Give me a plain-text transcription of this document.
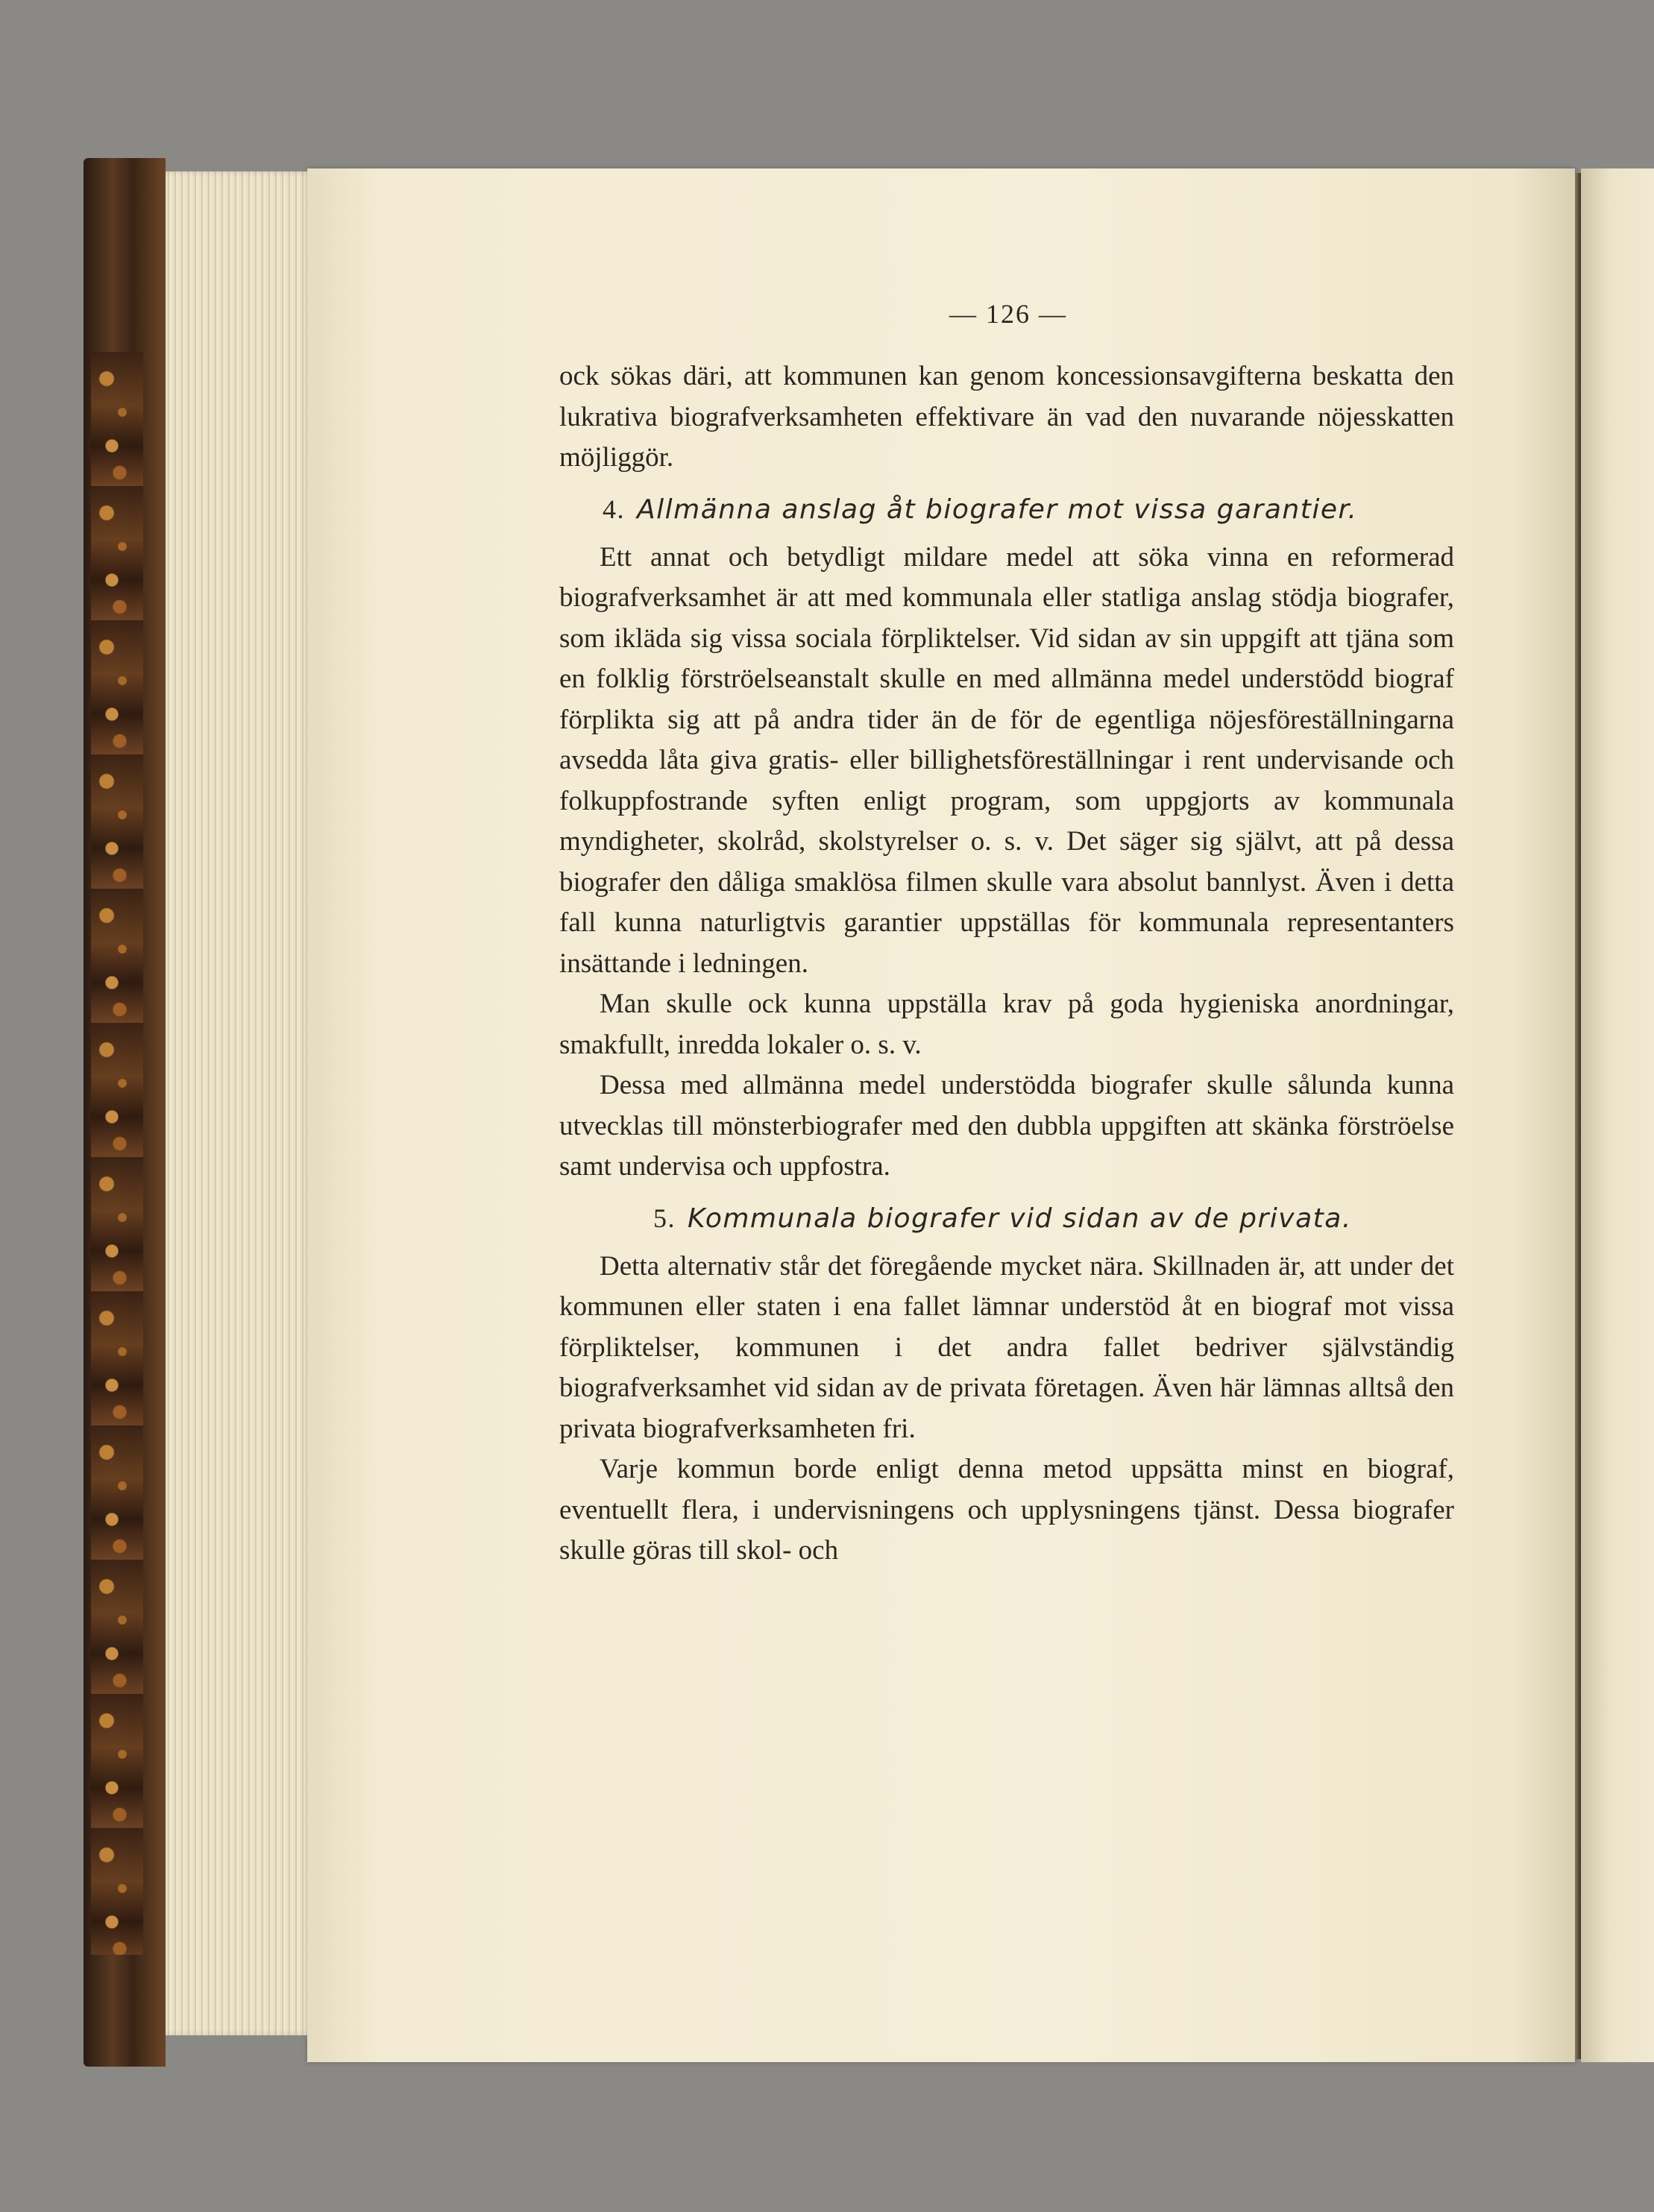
— 126 —

ock sökas däri, att kommunen kan genom koncessionsavgifterna beskatta den lukrativa biografverksamheten effektivare än vad den nuvarande nöjesskatten möjliggör.

4. Allmänna anslag åt biografer mot vissa garantier.

Ett annat och betydligt mildare medel att söka vinna en reformerad biografverksamhet är att med kommunala eller statliga anslag stödja biografer, som ikläda sig vissa sociala förpliktelser. Vid sidan av sin uppgift att tjäna som en folklig förströelseanstalt skulle en med allmänna medel understödd biograf förplikta sig att på andra tider än de för de egentliga nöjesföreställningarna avsedda låta giva gratis- eller billighetsföreställningar i rent undervisande och folkuppfostrande syften enligt program, som uppgjorts av kommunala myndigheter, skolråd, skolstyrelser o. s. v. Det säger sig självt, att på dessa biografer den dåliga smaklösa filmen skulle vara absolut bannlyst. Även i detta fall kunna naturligtvis garantier uppställas för kommunala representanters insättande i ledningen.

Man skulle ock kunna uppställa krav på goda hygieniska anordningar, smakfullt, inredda lokaler o. s. v.

Dessa med allmänna medel understödda biografer skulle sålunda kunna utvecklas till mönsterbiografer med den dubbla uppgiften att skänka förströelse samt undervisa och uppfostra.

5. Kommunala biografer vid sidan av de privata.

Detta alternativ står det föregående mycket nära. Skillnaden är, att under det kommunen eller staten i ena fallet lämnar understöd åt en biograf mot vissa förpliktelser, kommunen i det andra fallet bedriver självständig biografverksamhet vid sidan av de privata företagen. Även här lämnas alltså den privata biografverksamheten fri.

Varje kommun borde enligt denna metod uppsätta minst en biograf, eventuellt flera, i undervisningens och upplysningens tjänst. Dessa biografer skulle göras till skol- och
